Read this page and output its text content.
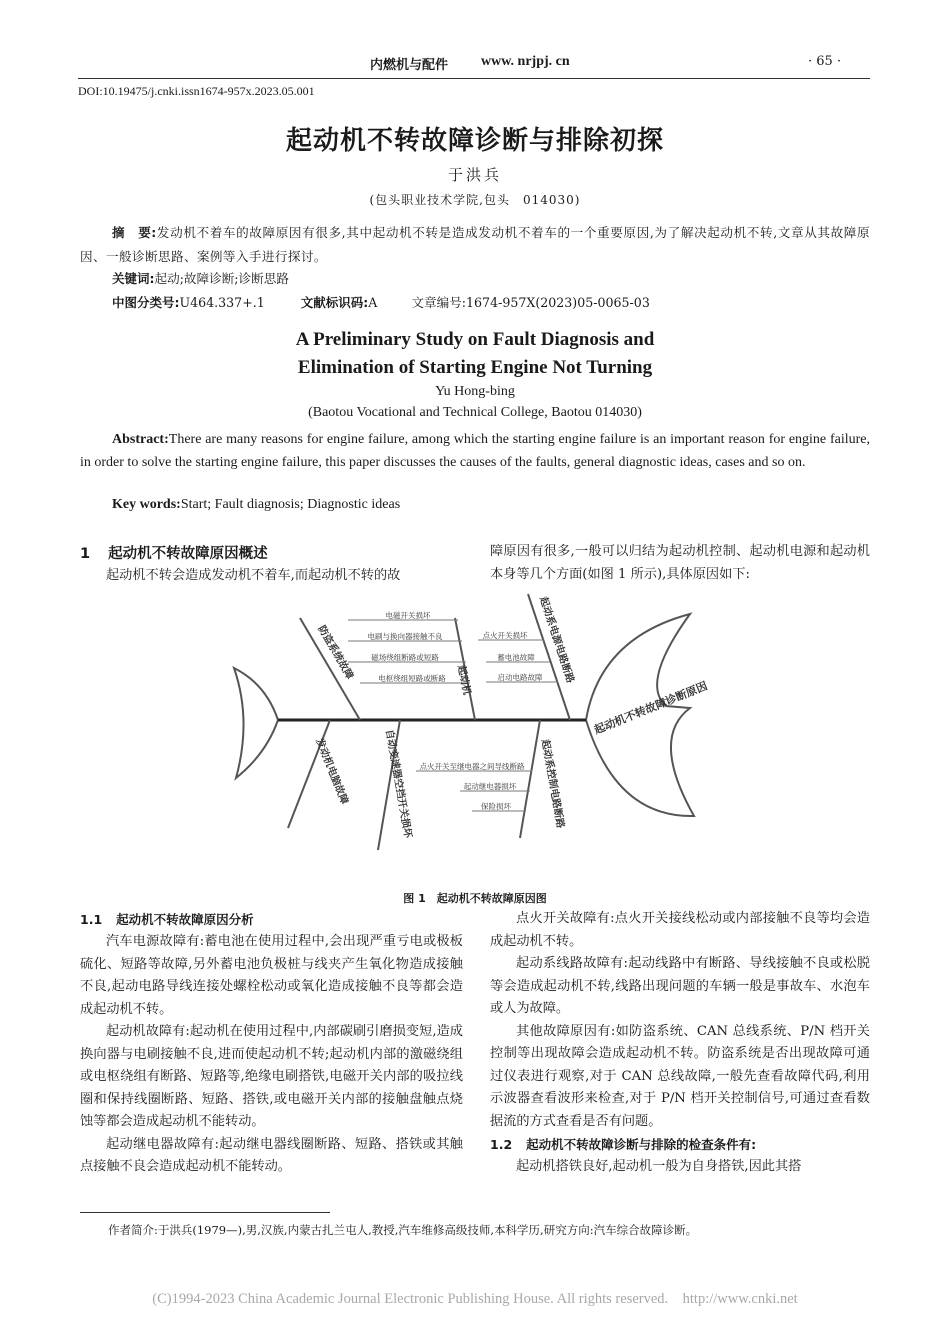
内燃机与配件 www. nrjpj. cn	· 65 ·
DOI:10.19475/j.cnki.issn1674-957x.2023.05.001
起动机不转故障诊断与排除初探
于洪兵
(包头职业技术学院,包头　014030)
摘　要:发动机不着车的故障原因有很多,其中起动机不转是造成发动机不着车的一个重要原因,为了解决起动机不转,文章从其故障原因、一般诊断思路、案例等入手进行探讨。
关键词:起动;故障诊断;诊断思路
中图分类号:U464.337+.1	文献标识码:A	文章编号:1674-957X(2023)05-0065-03
A Preliminary Study on Fault Diagnosis and
Elimination of Starting Engine Not Turning
Yu Hong-bing
(Baotou Vocational and Technical College, Baotou 014030)
Abstract:There are many reasons for engine failure, among which the starting engine failure is an important reason for engine failure, in order to solve the starting engine failure, this paper discusses the causes of the faults, general diagnostic ideas, cases and so on.
Key words:Start; Fault diagnosis; Diagnostic ideas
1 起动机不转故障原因概述
起动机不转会造成发动机不着车,而起动机不转的故
障原因有很多,一般可以归结为起动机控制、起动机电源和起动机本身等几个方面(如图 1 所示),具体原因如下:
电磁开关损坏
电刷与换向器接触不良
磁场绕组断路或短路
电枢绕组短路或断路
点火开关损坏
蓄电池故障
启动电路故障
点火开关至继电器之间导线断路
起动继电器损坏
保险损坏
防盗系统故障	起动机	起动系电源电路断路
发动机电脑故障	自动变速器空挡开关损坏	起动系控制电路断路
起动机不转故障诊断原因
图 1　起动机不转故障原因图
1.1 起动机不转故障原因分析
汽车电源故障有:蓄电池在使用过程中,会出现严重亏电或极板硫化、短路等故障,另外蓄电池负极桩与线夹产生氧化物造成接触不良,起动电路导线连接处螺栓松动或氧化造成接触不良等都会造成起动机不转。
起动机故障有:起动机在使用过程中,内部碳刷引磨损变短,造成换向器与电刷接触不良,进而使起动机不转;起动机内部的激磁绕组或电枢绕组有断路、短路等,绝缘电刷搭铁,电磁开关内部的吸拉线圈和保持线圈断路、短路、搭铁,或电磁开关内部的接触盘触点烧蚀等都会造成起动机不能转动。
起动继电器故障有:起动继电器线圈断路、短路、搭铁或其触点接触不良会造成起动机不能转动。
点火开关故障有:点火开关接线松动或内部接触不良等均会造成起动机不转。
起动系线路故障有:起动线路中有断路、导线接触不良或松脱等会造成起动机不转,线路出现问题的车辆一般是事故车、水泡车或人为故障。
其他故障原因有:如防盗系统、CAN 总线系统、P/N 档开关控制等出现故障会造成起动机不转。防盗系统是否出现故障可通过仪表进行观察,对于 CAN 总线故障,一般先查看故障代码,利用示波器查看波形来检查,对于 P/N 档开关控制信号,可通过查看数据流的方式查看是否有问题。
1.2 起动机不转故障诊断与排除的检查条件有:
起动机搭铁良好,起动机一般为自身搭铁,因此其搭
作者简介:于洪兵(1979—),男,汉族,内蒙古扎兰屯人,教授,汽车维修高级技师,本科学历,研究方向:汽车综合故障诊断。
(C)1994-2023 China Academic Journal Electronic Publishing House. All rights reserved.　http://www.cnki.net
